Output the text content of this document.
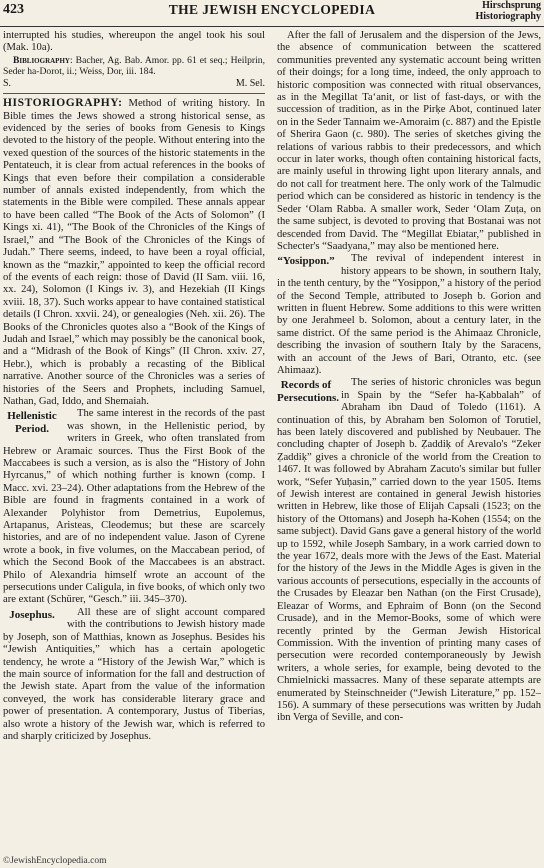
423	THE JEWISH ENCYCLOPEDIA	Hirschsprung
Historiography

interrupted his studies, whereupon the angel took his soul (Mak. 10a).

Bibliography: Bacher, Ag. Bab. Amor. pp. 61 et seq.; Heilprin, Seder ha-Dorot, ii.; Weiss, Dor, iii. 184.

S.	M. Sel.

HISTORIOGRAPHY: Method of writing history. In Bible times the Jews showed a strong historical sense, as evidenced by the series of books from Genesis to Kings devoted to the history of the people. Without entering into the vexed question of the sources of the historic statements in the Pentateuch, it is clear from actual references in the books of Kings that even before their compilation a considerable number of annals existed independently, from which the statements in the Bible were compiled. These annals appear to have been called “The Book of the Acts of Solomon” (I Kings xi. 41), “The Book of the Chronicles of the Kings of Israel,” and “The Book of the Chronicles of the Kings of Judah.” There seems, indeed, to have been a royal official, known as the “mazkir,” appointed to keep the official record of the events of each reign: those of David (II Sam. viii. 16, xx. 24), Solomon (I Kings iv. 3), and Hezekiah (II Kings xviii. 18, 37). Such works appear to have contained statistical details (I Chron. xxvii. 24), or genealogies (Neh. xii. 26). The Books of the Chronicles quotes also a “Book of the Kings of Judah and Israel,” which may possibly be the canonical book, and a “Midrash of the Book of Kings” (II Chron. xxiv. 27, Hebr.), which is probably a recasting of the Biblical narrative. Another source of the Chronicles was a series of histories of the Seers and Prophets, including Samuel, Nathan, Gad, Iddo, and Shemaiah.

Hellenistic Period.
The same interest in the records of the past was shown, in the Hellenistic period, by writers in Greek, who often translated from Hebrew or Aramaic sources. Thus the First Book of the Maccabees is such a version, as is also the “History of John Hyrcanus,” of which nothing further is known (comp. I Macc. xvi. 23–24). Other adaptations from the Hebrew of the Bible are found in fragments contained in a work of Alexander Polyhistor from Demetrius, Eupolemus, Artapanus, Aristeas, Cleodemus; but these are scarcely histories, and are of no independent value. Jason of Cyrene wrote a book, in five volumes, on the Maccabean period, of which the Second Book of the Maccabees is an abstract. Philo of Alexandria himself wrote an account of the persecutions under Caligula, in five books, of which only two are extant (Schürer, “Gesch.” iii. 345–370).

Josephus.	All these are of slight account compared with the contributions to Jewish history made by Joseph, son of Matthias, known as Josephus. Besides his “Jewish Antiquities,” which has a certain apologetic tendency, he wrote a “History of the Jewish War,” which is the main source of information for the fall and destruction of the Jewish state. Apart from the value of the information conveyed, the work has considerable literary grace and power of presentation. A contemporary, Justus of Tiberias, also wrote a history of the Jewish war, which is referred to and sharply criticized by Josephus.

After the fall of Jerusalem and the dispersion of the Jews, the absence of communication between the scattered communities prevented any systematic account being written of their doings; for a long time, indeed, the only approach to historic composition was connected with ritual observances, as in the Megillat Ta‘anit, or list of fast-days, or with the succession of tradition, as in the Pirḳe Abot, continued later on in the Seder Tannaim we-Amoraim (c. 887) and the Epistle of Sherira Gaon (c. 980). The series of sketches giving the relations of various rabbis to their predecessors, and which occur in later works, though often containing historical facts, are mainly useful in throwing light upon literary annals, and do not call for treatment here. The only work of the Talmudic period which can be considered as historic in tendency is the Seder ‘Olam Rabba. A smaller work, Seder ‘Olam Zuṭa, on the same subject, is devoted to proving that Bostanai was not descended from David. The “Megillat Ebiatar,” published in Schecter's “Saadyana,” may also be mentioned here.

“Yosippon.” The revival of independent interest in history appears to be shown, in southern Italy, in the tenth century, by the “Yosippon,” a history of the period of the Second Temple, attributed to Joseph b. Gorion and written in fluent Hebrew. Some additions to this were written by one Jerahmeel b. Solomon, about a century later, in the same district. Of the same period is the Ahimaaz Chronicle, describing the invasion of southern Italy by the Saracens, with an account of the Jews of Bari, Otranto, etc. (see Ahimaaz).

Records of Persecutions.
The series of historic chronicles was begun in Spain by the “Sefer ha-Ḳabbalah” of Abraham ibn Daud of Toledo (1161). A continuation of this, by Abraham ben Solomon of Torutiel, has been lately discovered and published by Neubauer. The concluding chapter of Joseph b. Ẓaddiḳ of Arevalo's “Zeker Ẓaddiḳ” gives a chronicle of the world from the Creation to 1467. It was followed by Abraham Zacuto's similar but fuller work, “Sefer Yuḥasin,” carried down to the year 1505. Items of Jewish interest are contained in general Jewish histories written in Hebrew, like those of Elijah Capsali (1523; on the history of the Ottomans) and Joseph ha-Kohen (1554; on the same subject). David Gans gave a general history of the world up to 1592, while Joseph Sambary, in a work carried down to the year 1672, deals more with the Jews of the East. Material for the history of the Jews in the Middle Ages is given in the various accounts of persecutions, especially in the accounts of the Crusades by Eleazar ben Nathan (on the First Crusade), Eleazar of Worms, and Ephraim of Bonn (on the Second Crusade), and in the Memor-Books, some of which were recently printed by the German Jewish Historical Commission. With the invention of printing many cases of persecution were recorded contemporaneously by Jewish writers, a whole series, for example, being devoted to the Chmielnicki massacres. Many of these separate attempts are enumerated by Steinschneider (“Jewish Literature,” pp. 152–156). A summary of these persecutions was written by Judah ibn Verga of Seville, and con-

©JewishEncyclopedia.com
